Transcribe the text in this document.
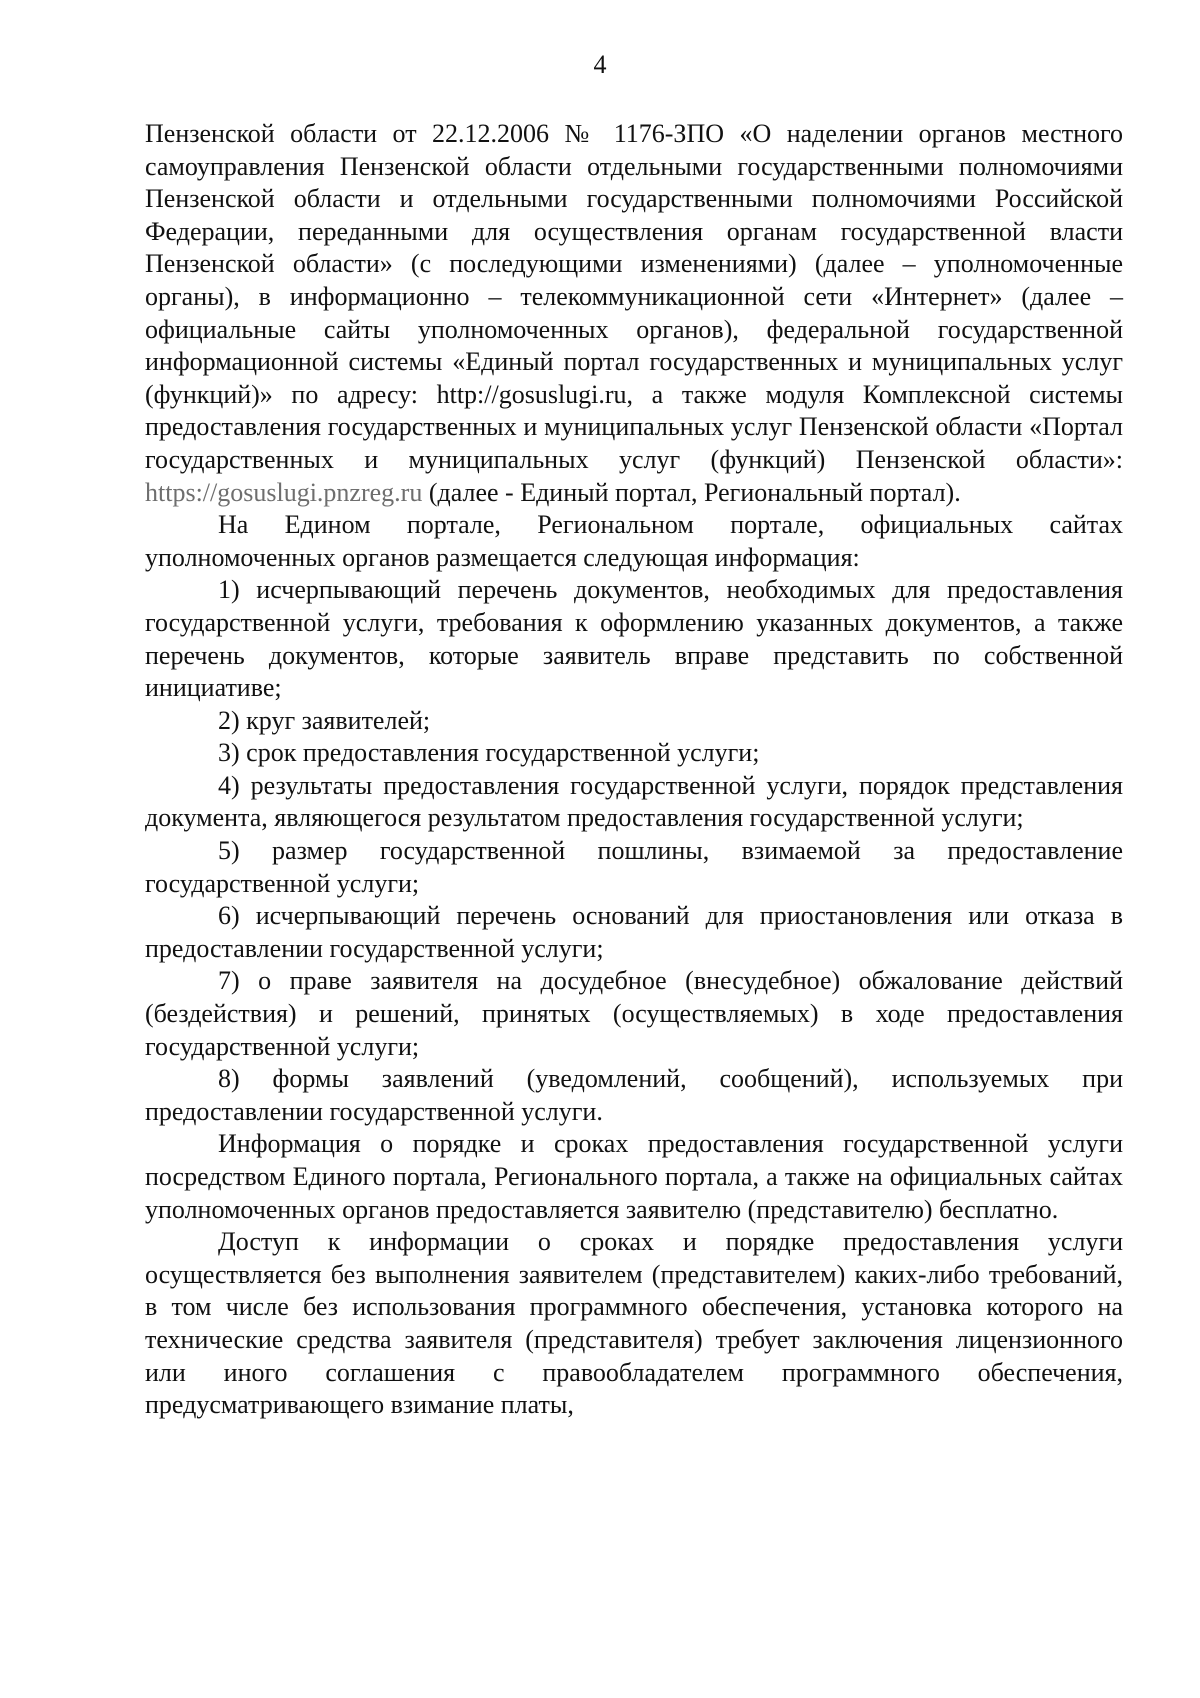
4

Пензенской области от 22.12.2006 № 1176-ЗПО «О наделении органов местного самоуправления Пензенской области отдельными государственными полномочиями Пензенской области и отдельными государственными полномочиями Российской Федерации, переданными для осуществления органам государственной власти Пензенской области» (с последующими изменениями) (далее – уполномоченные органы), в информационно – телекоммуникационной сети «Интернет» (далее – официальные сайты уполномоченных органов), федеральной государственной информационной системы «Единый портал государственных и муниципальных услуг (функций)» по адресу: http://gosuslugi.ru, а также модуля Комплексной системы предоставления государственных и муниципальных услуг Пензенской области «Портал государственных и муниципальных услуг (функций) Пензенской области»: https://gosuslugi.pnzreg.ru (далее - Единый портал, Региональный портал).

На Едином портале, Региональном портале, официальных сайтах уполномоченных органов размещается следующая информация:

1) исчерпывающий перечень документов, необходимых для предоставления государственной услуги, требования к оформлению указанных документов, а также перечень документов, которые заявитель вправе представить по собственной инициативе;

2) круг заявителей;

3) срок предоставления государственной услуги;

4) результаты предоставления государственной услуги, порядок представления документа, являющегося результатом предоставления государственной услуги;

5) размер государственной пошлины, взимаемой за предоставление государственной услуги;

6) исчерпывающий перечень оснований для приостановления или отказа в предоставлении государственной услуги;

7) о праве заявителя на досудебное (внесудебное) обжалование действий (бездействия) и решений, принятых (осуществляемых) в ходе предоставления государственной услуги;

8) формы заявлений (уведомлений, сообщений), используемых при предоставлении государственной услуги.

Информация о порядке и сроках предоставления государственной услуги посредством Единого портала, Регионального портала, а также на официальных сайтах уполномоченных органов предоставляется заявителю (представителю) бесплатно.

Доступ к информации о сроках и порядке предоставления услуги осуществляется без выполнения заявителем (представителем) каких-либо требований, в том числе без использования программного обеспечения, установка которого на технические средства заявителя (представителя) требует заключения лицензионного или иного соглашения с правообладателем программного обеспечения, предусматривающего взимание платы,
